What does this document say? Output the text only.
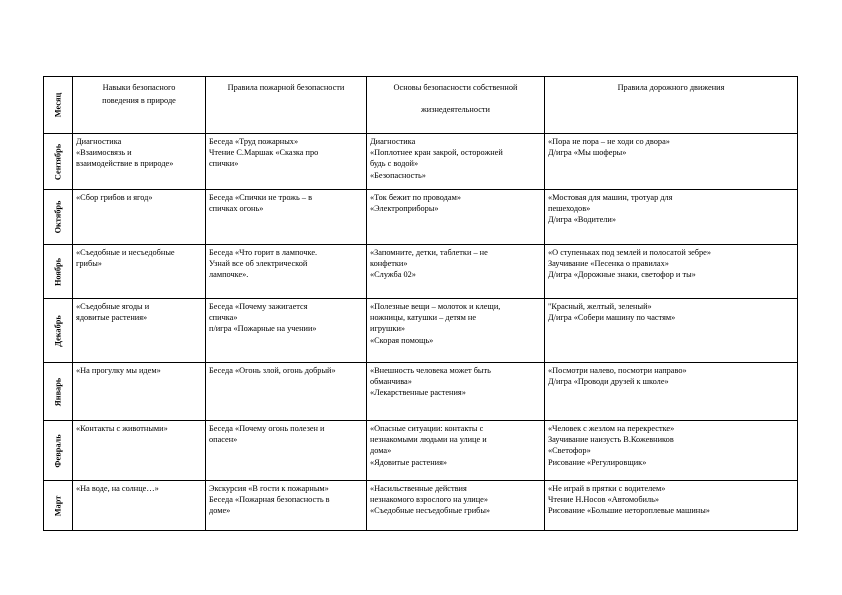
Месяц	Навыки безопасного
поведения в природе	Правила пожарной безопасности	Основы безопасности собственной
жизнедеятельности	Правила дорожного движения

Сентябрь	Диагностика
«Взаимосвязь и
взаимодействие в природе»	Беседа «Труд пожарных»
Чтение С.Маршак «Сказка про
спички»	Диагностика
«Поплотнее кран закрой, осторожней
будь с водой»
«Безопасность»	«Пора не пора – не ходи со двора»
Д/игра «Мы шоферы»

Октябрь	«Сбор грибов и ягод»	Беседа «Спички не трожь – в
спичках огонь»	«Ток бежит по проводам»
«Электроприборы»	«Мостовая для машин, тротуар для
пешеходов»
Д/игра «Водители»

Ноябрь	«Съедобные и несъедобные
грибы»	Беседа «Что горит в лампочке.
Узнай все об электрической
лампочке».	«Запомните, детки, таблетки – не
конфетки»
«Служба 02»	«О ступеньках под землей и полосатой зебре»
Заучивание «Песенка о правилах»
Д/игра «Дорожные знаки, светофор и ты»

Декабрь	«Съедобные ягоды и
ядовитые растения»	Беседа «Почему зажигается
спичка»
п/игра «Пожарные на учении»	«Полезные вещи – молоток и клещи,
ножницы, катушки – детям не
игрушки»
«Скорая помощь»	"Красный, желтый, зеленый»
Д/игра «Собери машину по частям»

Январь	«На прогулку мы идем»	Беседа «Огонь злой, огонь добрый»	«Внешность человека может быть
обманчива»
«Лекарственные растения»	«Посмотри налево, посмотри направо»
Д/игра «Проводи друзей к школе»

Февраль	«Контакты с животными»	Беседа «Почему огонь полезен и
опасен»	«Опасные ситуации: контакты с
незнакомыми людьми на улице и
дома»
«Ядовитые растения»	«Человек с жезлом на перекрестке»
Заучивание наизусть В.Кожевников
«Светофор»
Рисование «Регулировщик»

Март	«На воде, на солнце…»	Экскурсия «В гости к пожарным»
Беседа «Пожарная безопасность в
доме»	«Насильственные действия
незнакомого взрослого на улице»
«Съедобные несъедобные грибы»	«Не играй в прятки с водителем»
Чтение Н.Носов «Автомобиль»
Рисование «Большие нетороплевые машины»
